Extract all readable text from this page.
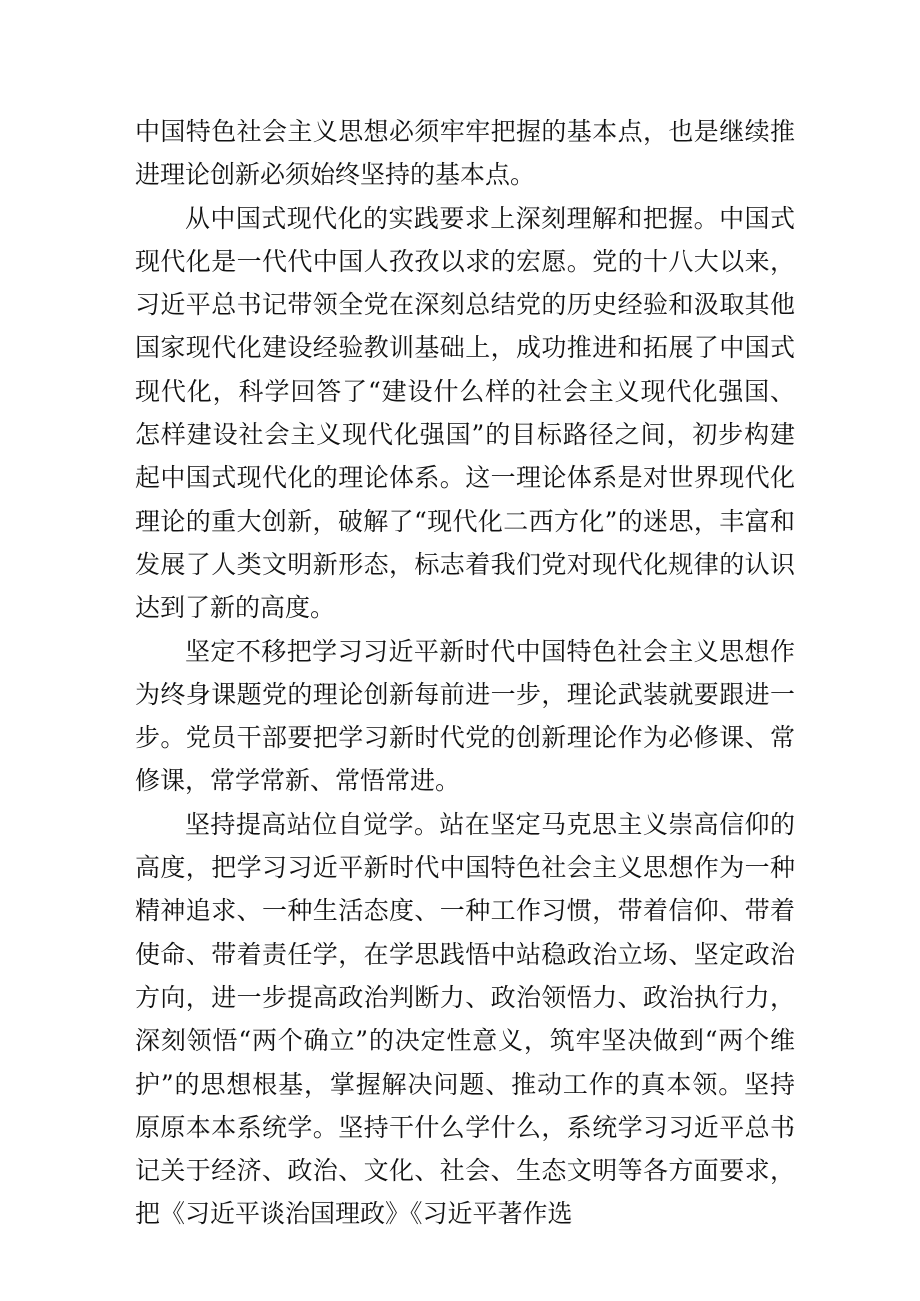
中国特色社会主义思想必须牢牢把握的基本点，也是继续推进理论创新必须始终坚持的基本点。

从中国式现代化的实践要求上深刻理解和把握。中国式现代化是一代代中国人孜孜以求的宏愿。党的十八大以来，习近平总书记带领全党在深刻总结党的历史经验和汲取其他国家现代化建设经验教训基础上，成功推进和拓展了中国式现代化，科学回答了“建设什么样的社会主义现代化强国、怎样建设社会主义现代化强国”的目标路径之间，初步构建起中国式现代化的理论体系。这一理论体系是对世界现代化理论的重大创新，破解了“现代化二西方化”的迷思，丰富和发展了人类文明新形态，标志着我们党对现代化规律的认识达到了新的高度。

坚定不移把学习习近平新时代中国特色社会主义思想作为终身课题党的理论创新每前进一步，理论武装就要跟进一步。党员干部要把学习新时代党的创新理论作为必修课、常修课，常学常新、常悟常进。

坚持提高站位自觉学。站在坚定马克思主义崇高信仰的高度，把学习习近平新时代中国特色社会主义思想作为一种精神追求、一种生活态度、一种工作习惯，带着信仰、带着使命、带着责任学，在学思践悟中站稳政治立场、坚定政治方向，进一步提高政治判断力、政治领悟力、政治执行力，深刻领悟“两个确立”的决定性意义，筑牢坚决做到“两个维护”的思想根基，掌握解决问题、推动工作的真本领。坚持原原本本系统学。坚持干什么学什么，系统学习习近平总书记关于经济、政治、文化、社会、生态文明等各方面要求，把《习近平谈治国理政》《习近平著作选
